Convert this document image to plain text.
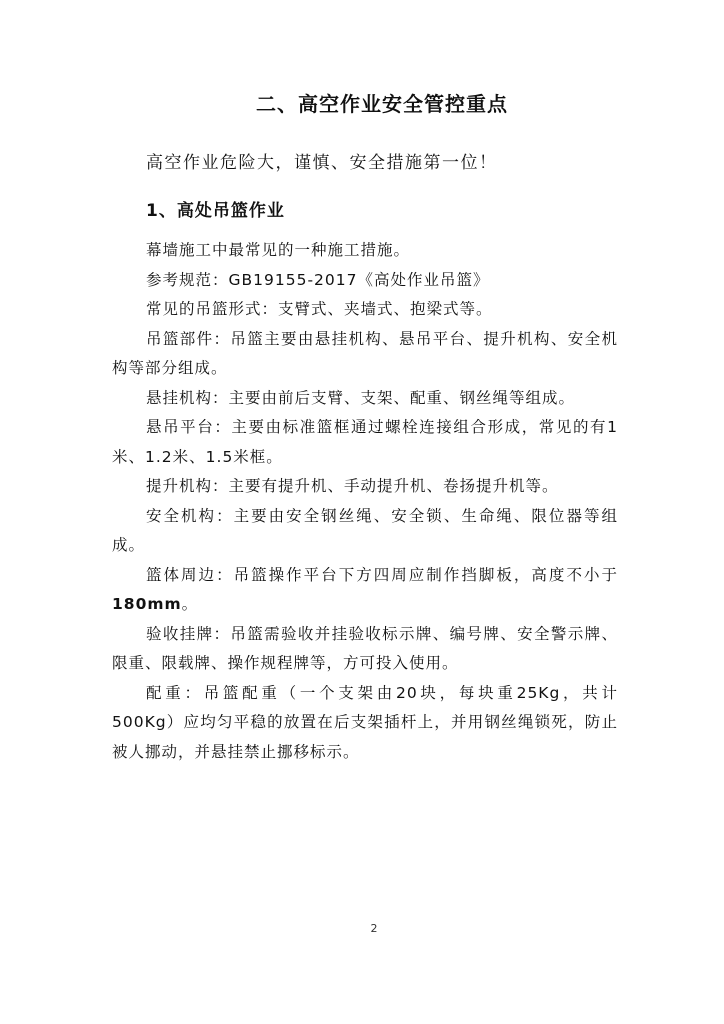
二、高空作业安全管控重点
高空作业危险大，谨慎、安全措施第一位！
1、高处吊篮作业

幕墙施工中最常见的一种施工措施。

参考规范：GB19155-2017《高处作业吊篮》

常见的吊篮形式：支臂式、夹墙式、抱梁式等。

吊篮部件：吊篮主要由悬挂机构、悬吊平台、提升机构、安全机构等部分组成。

悬挂机构：主要由前后支臂、支架、配重、钢丝绳等组成。

悬吊平台：主要由标准篮框通过螺栓连接组合形成，常见的有1米、1.2米、1.5米框。

提升机构：主要有提升机、手动提升机、卷扬提升机等。

安全机构：主要由安全钢丝绳、安全锁、生命绳、限位器等组成。

篮体周边：吊篮操作平台下方四周应制作挡脚板，高度不小于180mm。

验收挂牌：吊篮需验收并挂验收标示牌、编号牌、安全警示牌、限重、限载牌、操作规程牌等，方可投入使用。

配重：吊篮配重（一个支架由20块，每块重25Kg，共计500Kg）应均匀平稳的放置在后支架插杆上，并用钢丝绳锁死，防止被人挪动，并悬挂禁止挪移标示。

2
